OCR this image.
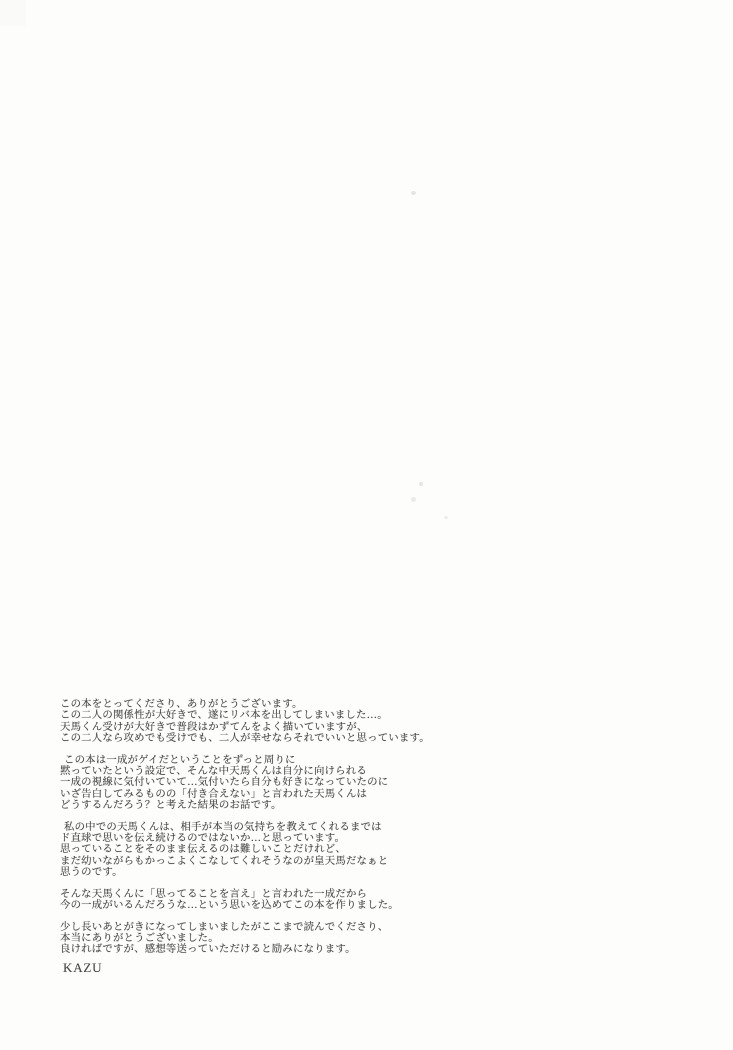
この本をとってくださり、ありがとうございます。
この二人の関係性が大好きで、遂にリバ本を出してしまいました…。
天馬くん受けが大好きで普段はかずてんをよく描いていますが、
この二人なら攻めでも受けでも、二人が幸せならそれでいいと思っています。

この本は一成がゲイだということをずっと周りに
黙っていたという設定で、そんな中天馬くんは自分に向けられる
一成の視線に気付いていて…気付いたら自分も好きになっていたのに
いざ告白してみるものの「付き合えない」と言われた天馬くんは
どうするんだろう？と考えた結果のお話です。

私の中での天馬くんは、相手が本当の気持ちを教えてくれるまでは
ド直球で思いを伝え続けるのではないか…と思っています。
思っていることをそのまま伝えるのは難しいことだけれど、
まだ幼いながらもかっこよくこなしてくれそうなのが皇天馬だなぁと
思うのです。

そんな天馬くんに「思ってることを言え」と言われた一成だから
今の一成がいるんだろうな…という思いを込めてこの本を作りました。

少し長いあとがきになってしまいましたがここまで読んでくださり、
本当にありがとうございました。
良ければですが、感想等送っていただけると励みになります。

KAZU
